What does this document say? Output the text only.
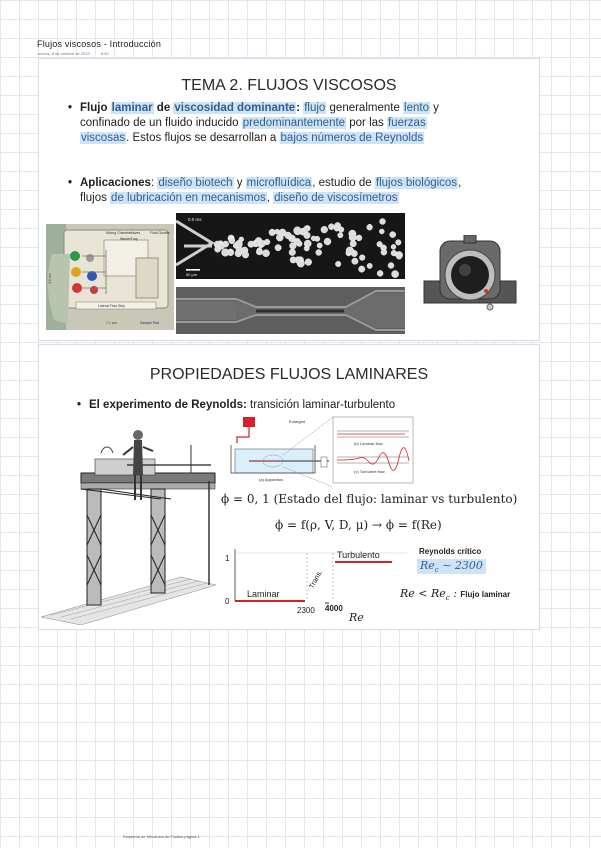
Flujos viscosos - Introducción
Jueves, 6 de octubre de 2022	8:30
TEMA 2. FLUJOS VISCOSOS
• Flujo laminar de viscosidad dominante: flujo generalmente lento y
confinado de un fluido inducido predominantemente por las fuerzas
viscosas. Estos flujos se desarrollan a bajos números de Reynolds
• Aplicaciones: diseño biotech y microfluídica, estudio de flujos biológicos,
flujos de lubricación en mecanismos, diseño de viscosímetros
Mixing Chamber
Valves
Waste/Trap
Fluid Guides
Lateral Flow Strip
Sample Pad
7.1 cm
4.9 cm
0.0 ms
50 μm
PROPIEDADES FLUJOS LAMINARES
• El experimento de Reynolds: transición laminar-turbulento
Enlarged
(b) Laminar flow
(c) Turbulent flow
(a) Apparatus
ϕ = 0, 1 (Estado del flujo: laminar vs turbulento)
ϕ = f(ρ, V, D, μ) → ϕ = f(Re)
1
0
Laminar
Turbulento
Trans.
2300 4000
Re
Reynolds crítico
$Re_c$ ∼ 2300
$Re < Re_c$ : Flujo laminar
Esquema de Mecánica de Fluidos página 1
